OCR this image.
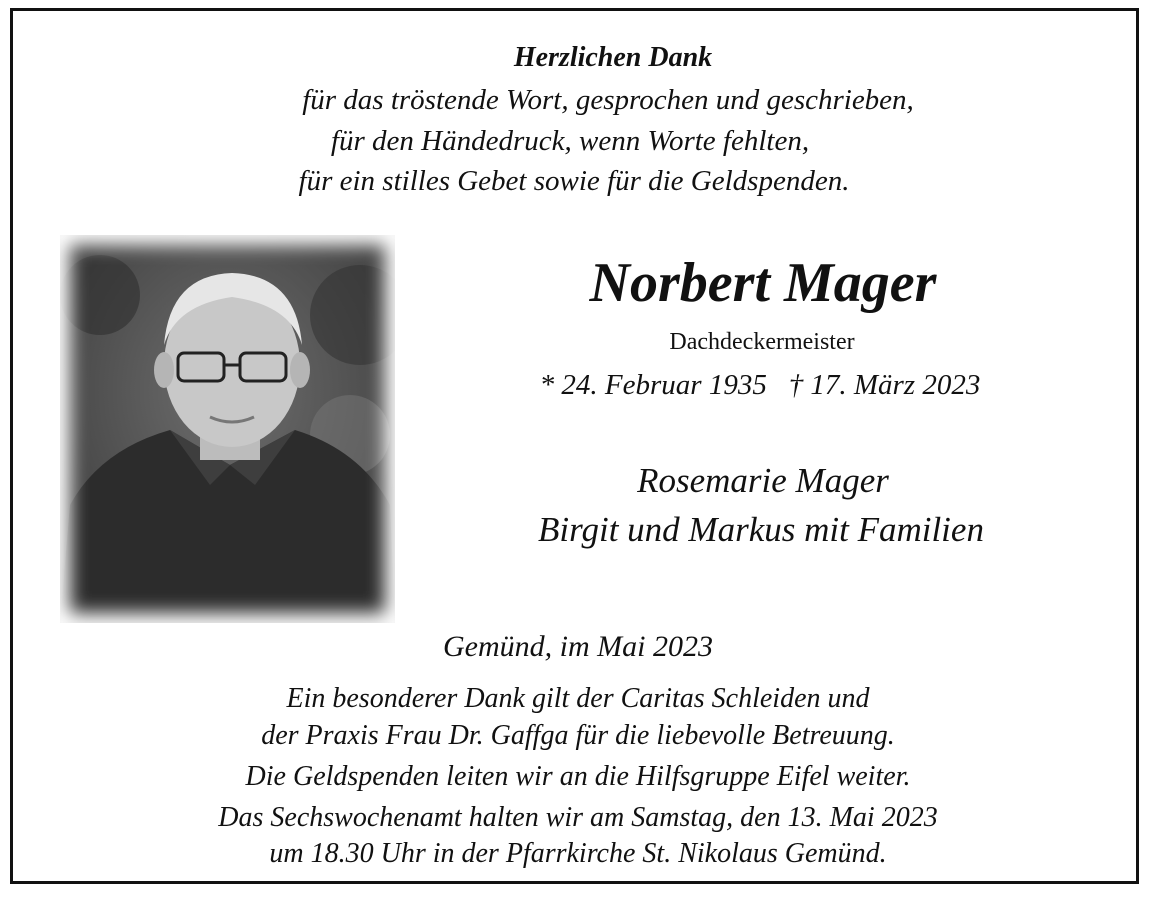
Herzlichen Dank
für das tröstende Wort, gesprochen und geschrieben,
für den Händedruck, wenn Worte fehlten,
für ein stilles Gebet sowie für die Geldspenden.
Norbert Mager
Dachdeckermeister
* 24. Februar 1935   † 17. März 2023
Rosemarie Mager
Birgit und Markus mit Familien
Gemünd, im Mai 2023
Ein besonderer Dank gilt der Caritas Schleiden und
der Praxis Frau Dr. Gaffga für die liebevolle Betreuung.
Die Geldspenden leiten wir an die Hilfsgruppe Eifel weiter.
Das Sechswochenamt halten wir am Samstag, den 13. Mai 2023
um 18.30 Uhr in der Pfarrkirche St. Nikolaus Gemünd.
